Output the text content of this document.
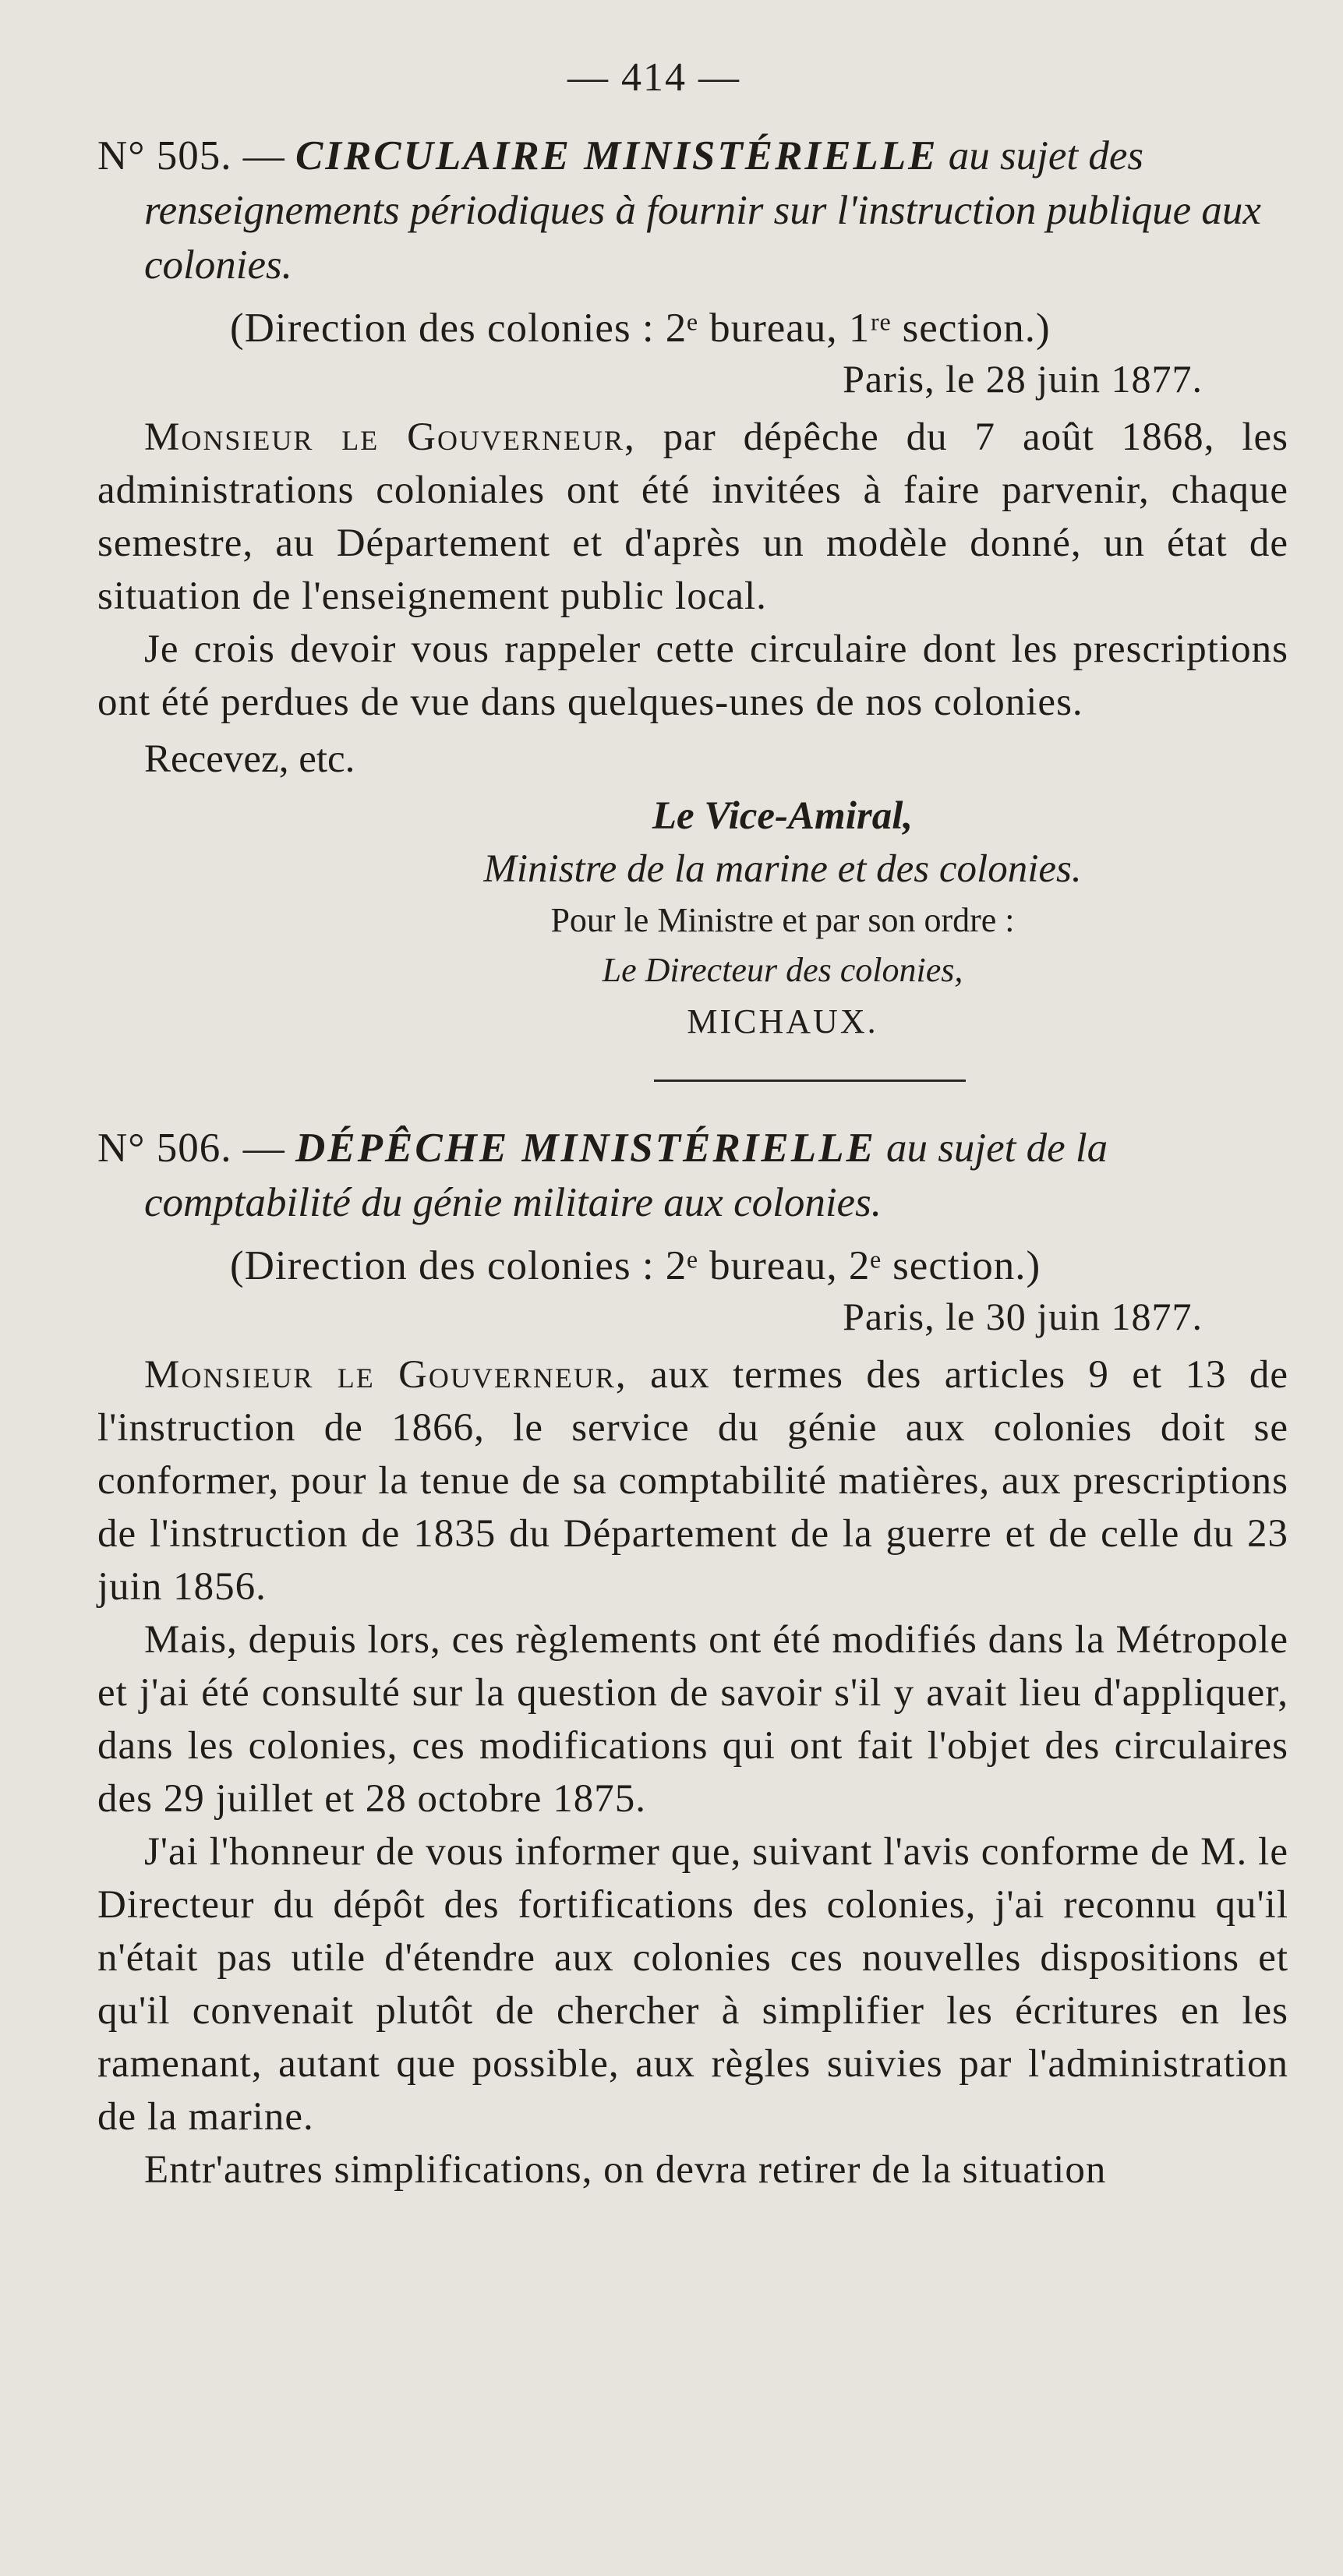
— 414 —

N° 505. — CIRCULAIRE MINISTÉRIELLE au sujet des renseignements périodiques à fournir sur l'instruction publique aux colonies.

(Direction des colonies : 2ᵉ bureau, 1ʳᵉ section.)
Paris, le 28 juin 1877.

Monsieur le Gouverneur, par dépêche du 7 août 1868, les administrations coloniales ont été invitées à faire parvenir, chaque semestre, au Département et d'après un modèle donné, un état de situation de l'enseignement public local.

Je crois devoir vous rappeler cette circulaire dont les prescriptions ont été perdues de vue dans quelques-unes de nos colonies.

Recevez, etc.

Le Vice-Amiral,
Ministre de la marine et des colonies.
Pour le Ministre et par son ordre :
Le Directeur des colonies,
MICHAUX.

N° 506. — DÉPÊCHE MINISTÉRIELLE au sujet de la comptabilité du génie militaire aux colonies.

(Direction des colonies : 2ᵉ bureau, 2ᵉ section.)
Paris, le 30 juin 1877.

Monsieur le Gouverneur, aux termes des articles 9 et 13 de l'instruction de 1866, le service du génie aux colonies doit se conformer, pour la tenue de sa comptabilité matières, aux prescriptions de l'instruction de 1835 du Département de la guerre et de celle du 23 juin 1856.

Mais, depuis lors, ces règlements ont été modifiés dans la Métropole et j'ai été consulté sur la question de savoir s'il y avait lieu d'appliquer, dans les colonies, ces modifications qui ont fait l'objet des circulaires des 29 juillet et 28 octobre 1875.

J'ai l'honneur de vous informer que, suivant l'avis conforme de M. le Directeur du dépôt des fortifications des colonies, j'ai reconnu qu'il n'était pas utile d'étendre aux colonies ces nouvelles dispositions et qu'il convenait plutôt de chercher à simplifier les écritures en les ramenant, autant que possible, aux règles suivies par l'administration de la marine.

Entr'autres simplifications, on devra retirer de la situation
